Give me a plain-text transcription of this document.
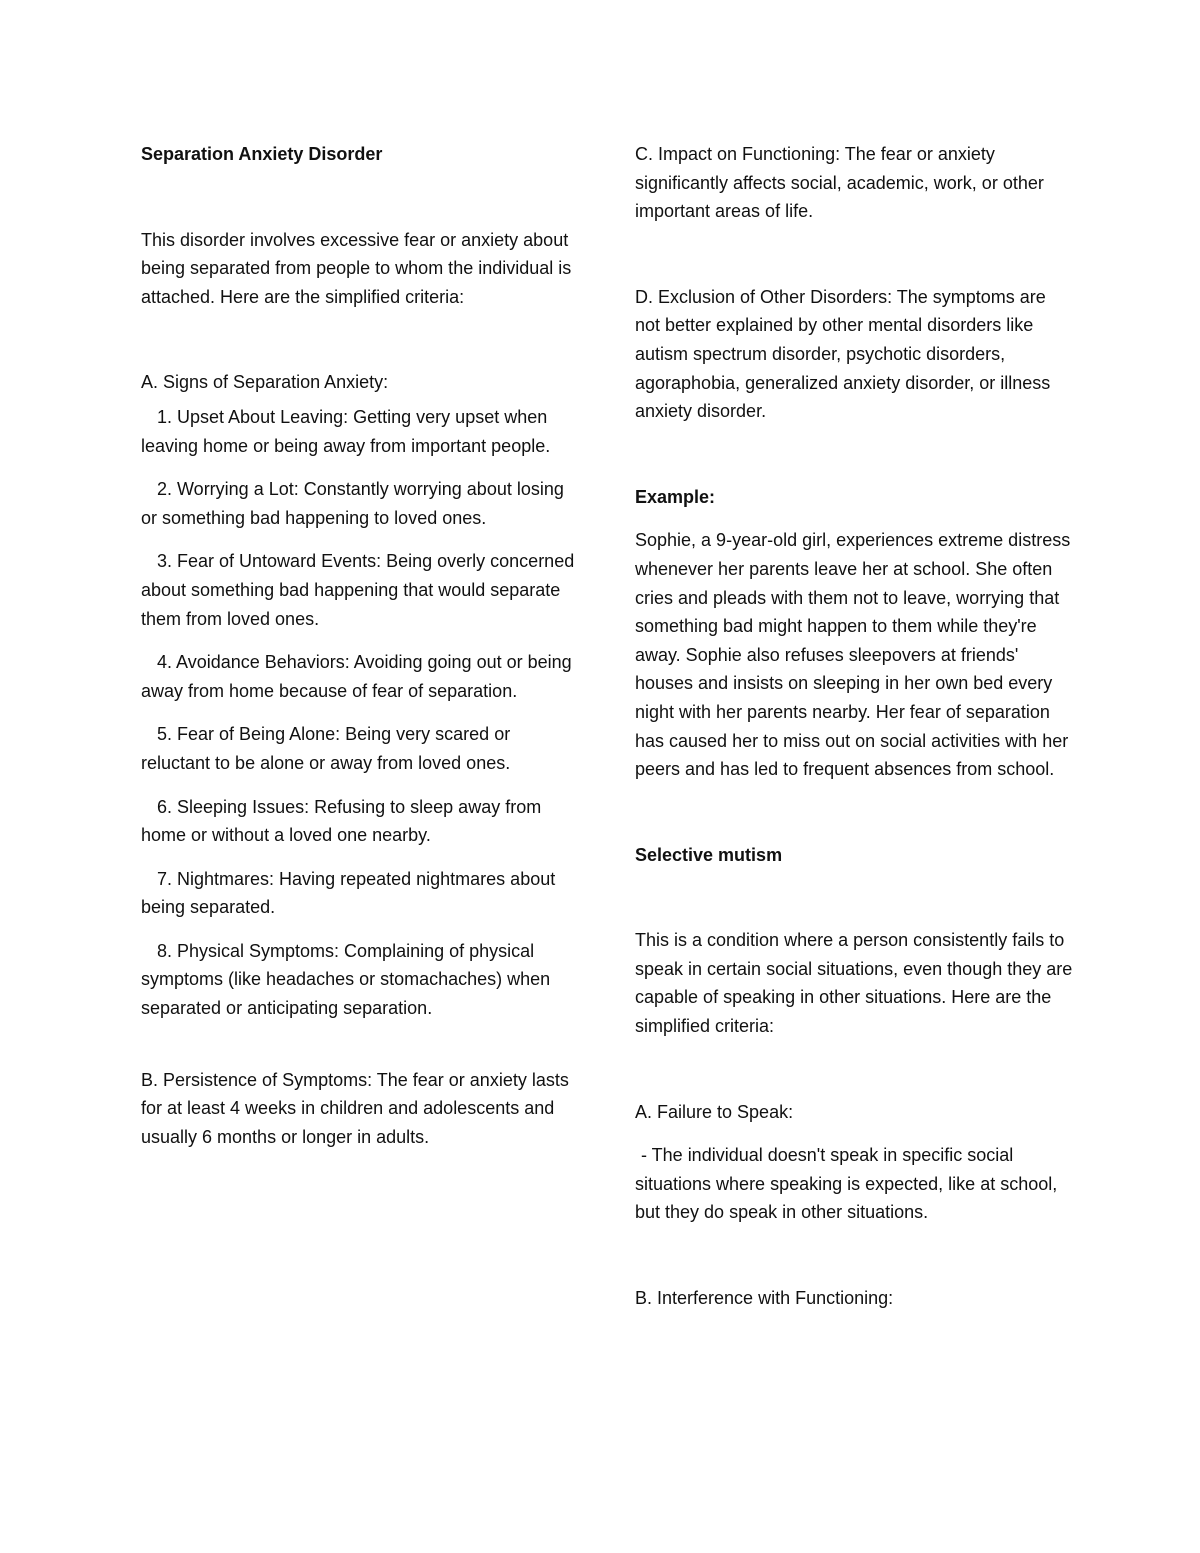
Separation Anxiety Disorder

This disorder involves excessive fear or anxiety about being separated from people to whom the individual is attached. Here are the simplified criteria:

A. Signs of Separation Anxiety:

1. Upset About Leaving: Getting very upset when leaving home or being away from important people.

2. Worrying a Lot: Constantly worrying about losing or something bad happening to loved ones.

3. Fear of Untoward Events: Being overly concerned about something bad happening that would separate them from loved ones.

4. Avoidance Behaviors: Avoiding going out or being away from home because of fear of separation.

5. Fear of Being Alone: Being very scared or reluctant to be alone or away from loved ones.

6. Sleeping Issues: Refusing to sleep away from home or without a loved one nearby.

7. Nightmares: Having repeated nightmares about being separated.

8. Physical Symptoms: Complaining of physical symptoms (like headaches or stomachaches) when separated or anticipating separation.

B. Persistence of Symptoms: The fear or anxiety lasts for at least 4 weeks in children and adolescents and usually 6 months or longer in adults.

C. Impact on Functioning: The fear or anxiety significantly affects social, academic, work, or other important areas of life.

D. Exclusion of Other Disorders: The symptoms are not better explained by other mental disorders like autism spectrum disorder, psychotic disorders, agoraphobia, generalized anxiety disorder, or illness anxiety disorder.

Example:

Sophie, a 9-year-old girl, experiences extreme distress whenever her parents leave her at school. She often cries and pleads with them not to leave, worrying that something bad might happen to them while they're away. Sophie also refuses sleepovers at friends' houses and insists on sleeping in her own bed every night with her parents nearby. Her fear of separation has caused her to miss out on social activities with her peers and has led to frequent absences from school.

Selective mutism

This is a condition where a person consistently fails to speak in certain social situations, even though they are capable of speaking in other situations. Here are the simplified criteria:

A. Failure to Speak:

- The individual doesn't speak in specific social situations where speaking is expected, like at school, but they do speak in other situations.

B. Interference with Functioning:
